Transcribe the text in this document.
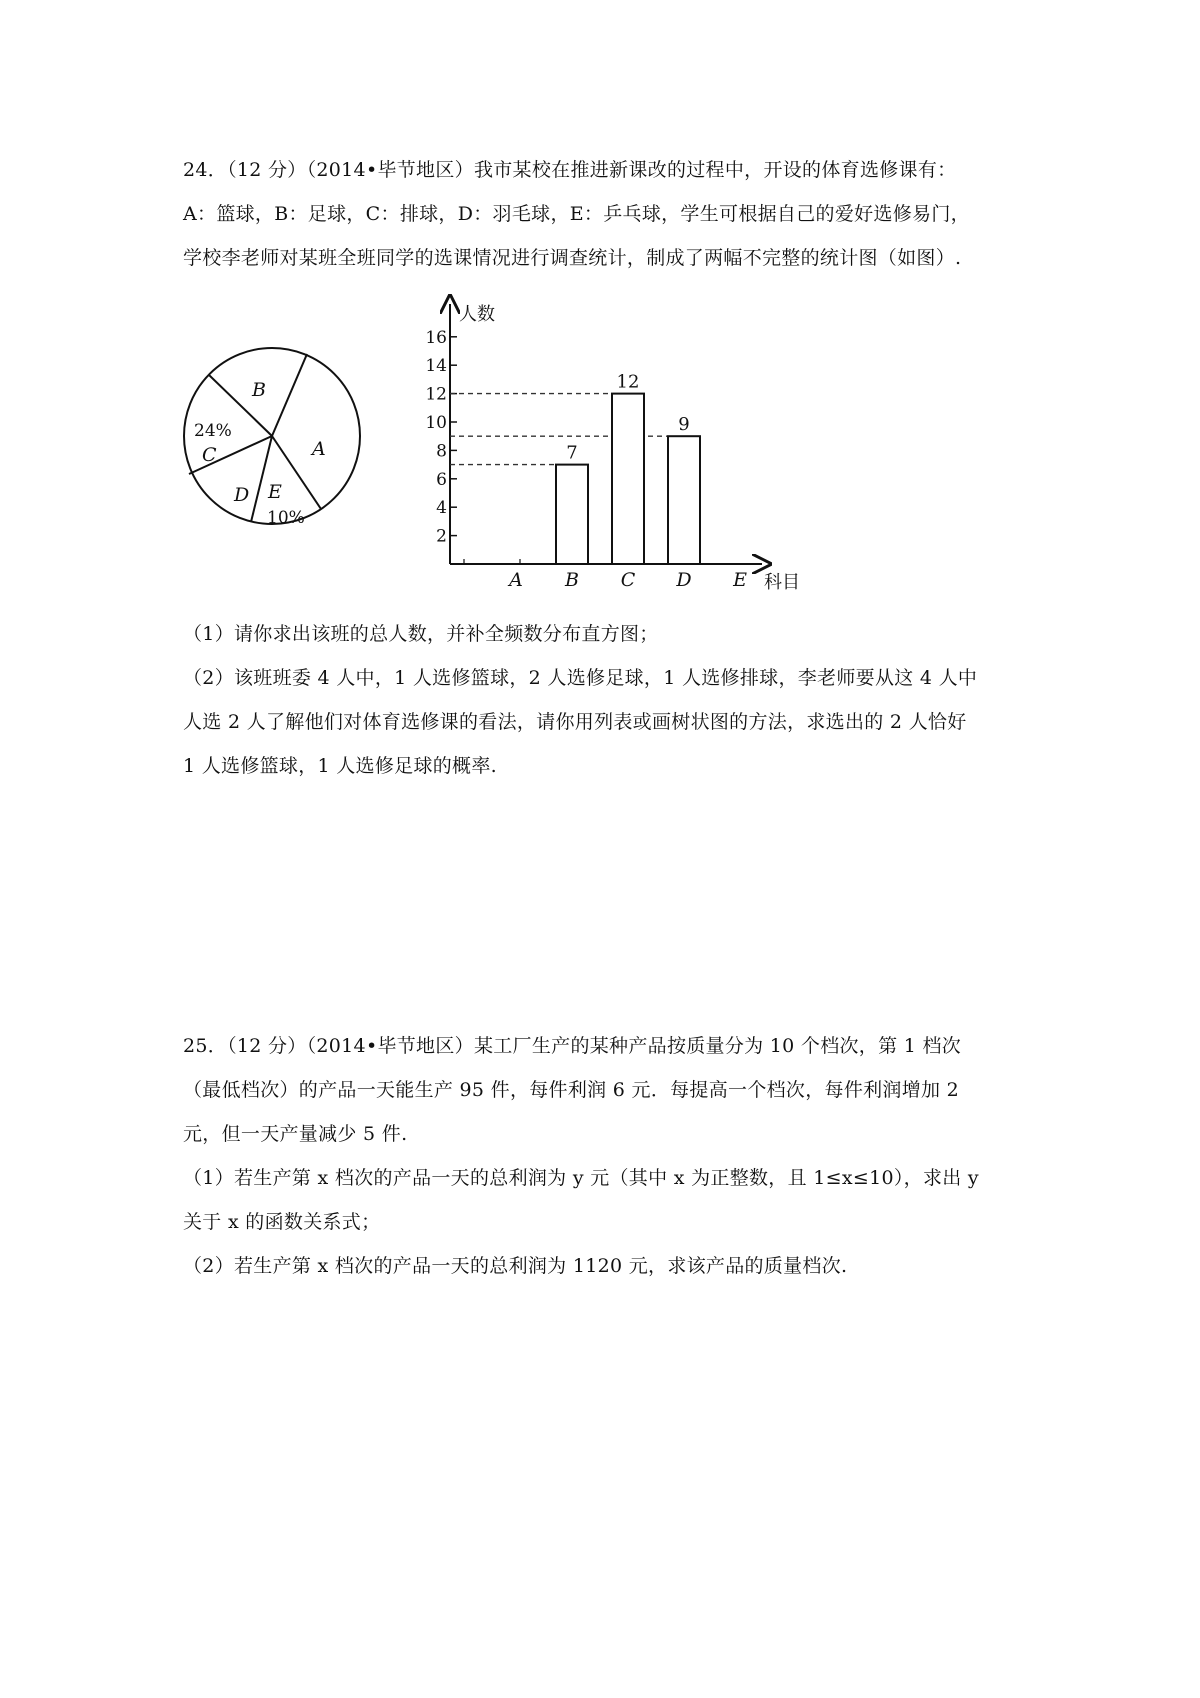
24．（12 分）（2014•毕节地区）我市某校在推进新课改的过程中，开设的体育选修课有：
A：篮球，B：足球，C：排球，D：羽毛球，E：乒乓球，学生可根据自己的爱好选修易门，
学校李老师对某班全班同学的选课情况进行调查统计，制成了两幅不完整的统计图（如图）.
B
A
24%
C
D E
10%
人数
科目
2
4
6
8
10
12
14
16
7
12
9
A B C D E
（1）请你求出该班的总人数，并补全频数分布直方图；
（2）该班班委 4 人中，1 人选修篮球，2 人选修足球，1 人选修排球，李老师要从这 4 人中
人选 2 人了解他们对体育选修课的看法，请你用列表或画树状图的方法，求选出的 2 人恰好
1 人选修篮球，1 人选修足球的概率.
25．（12 分）（2014•毕节地区）某工厂生产的某种产品按质量分为 10 个档次，第 1 档次
（最低档次）的产品一天能生产 95 件，每件利润 6 元．每提高一个档次，每件利润增加 2
元，但一天产量减少 5 件.
（1）若生产第 x 档次的产品一天的总利润为 y 元（其中 x 为正整数，且 1≤x≤10），求出 y
关于 x 的函数关系式；
（2）若生产第 x 档次的产品一天的总利润为 1120 元，求该产品的质量档次.
